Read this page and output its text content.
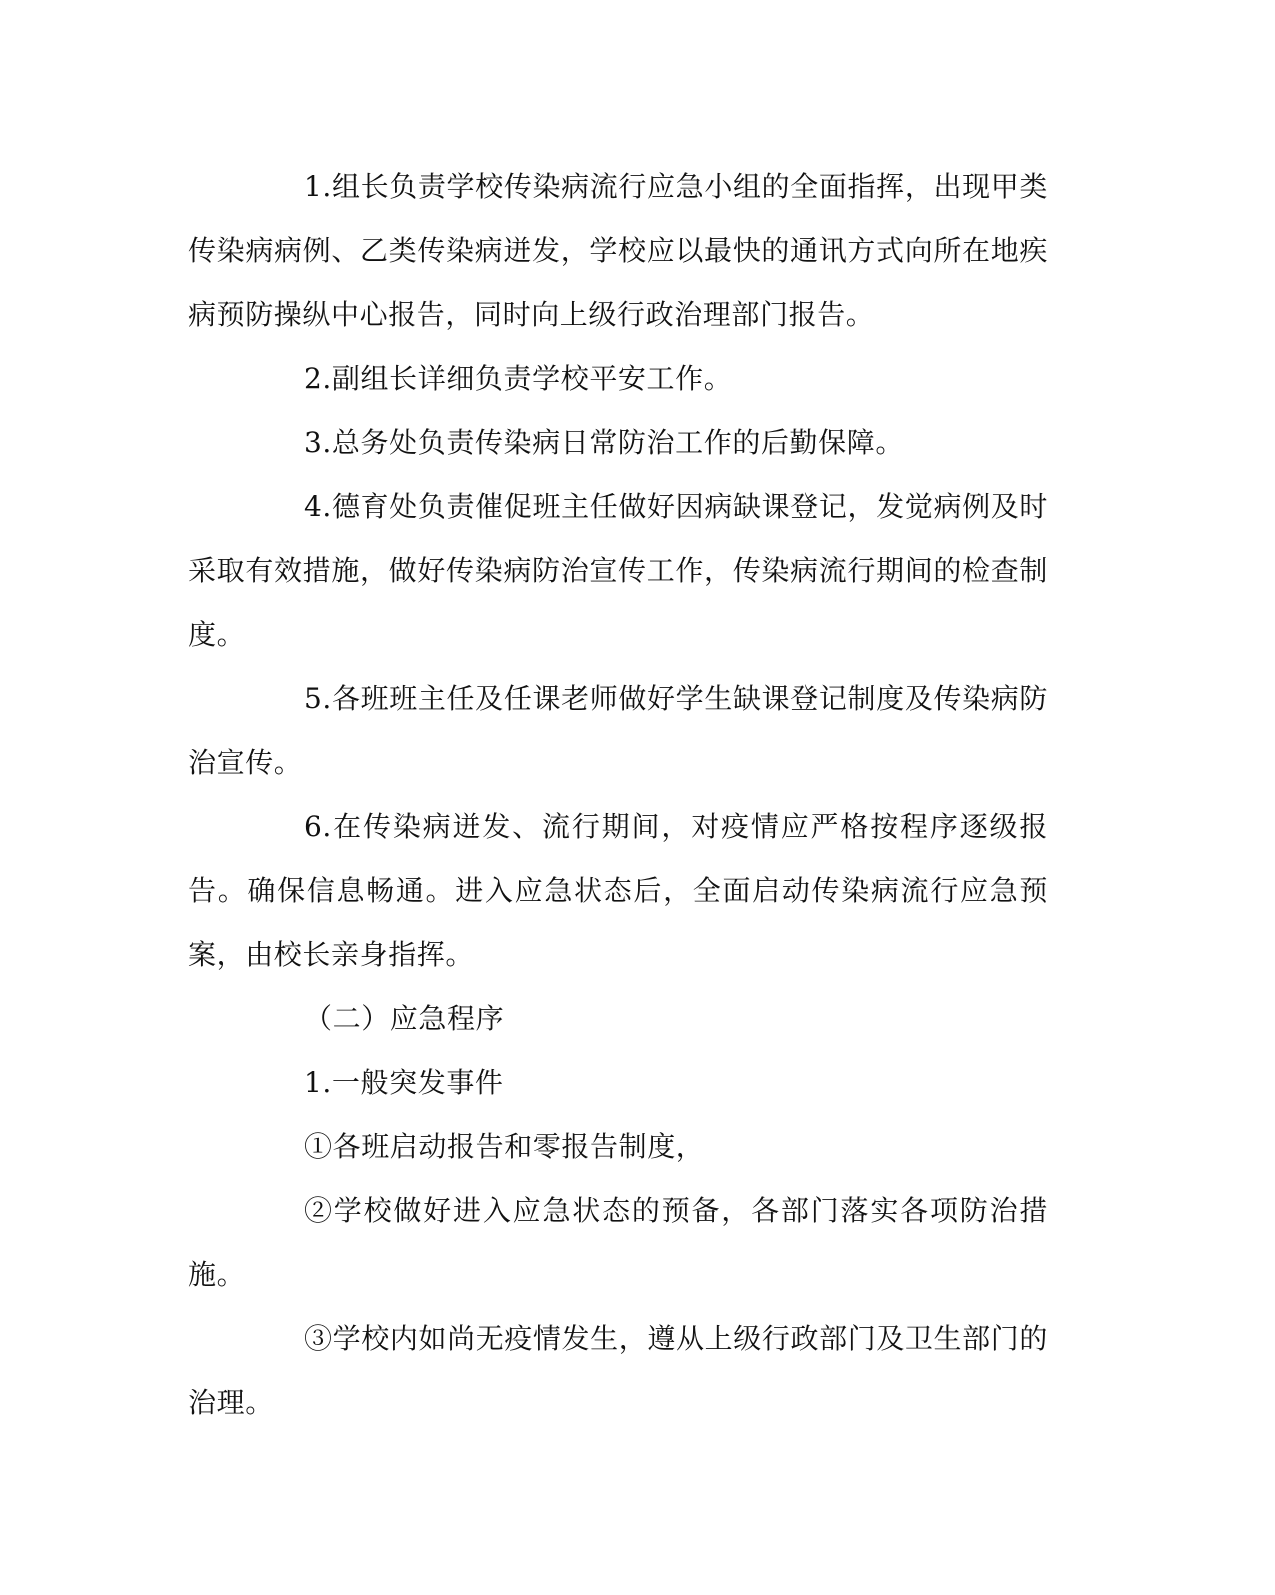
1.组长负责学校传染病流行应急小组的全面指挥，出现甲类传染病病例、乙类传染病迸发，学校应以最快的通讯方式向所在地疾病预防操纵中心报告，同时向上级行政治理部门报告。

2.副组长详细负责学校平安工作。

3.总务处负责传染病日常防治工作的后勤保障。

4.德育处负责催促班主任做好因病缺课登记，发觉病例及时采取有效措施，做好传染病防治宣传工作，传染病流行期间的检查制度。

5.各班班主任及任课老师做好学生缺课登记制度及传染病防治宣传。

6.在传染病迸发、流行期间，对疫情应严格按程序逐级报告。确保信息畅通。进入应急状态后，全面启动传染病流行应急预案，由校长亲身指挥。

（二）应急程序

1.一般突发事件

①各班启动报告和零报告制度，

②学校做好进入应急状态的预备，各部门落实各项防治措施。

③学校内如尚无疫情发生，遵从上级行政部门及卫生部门的治理。
